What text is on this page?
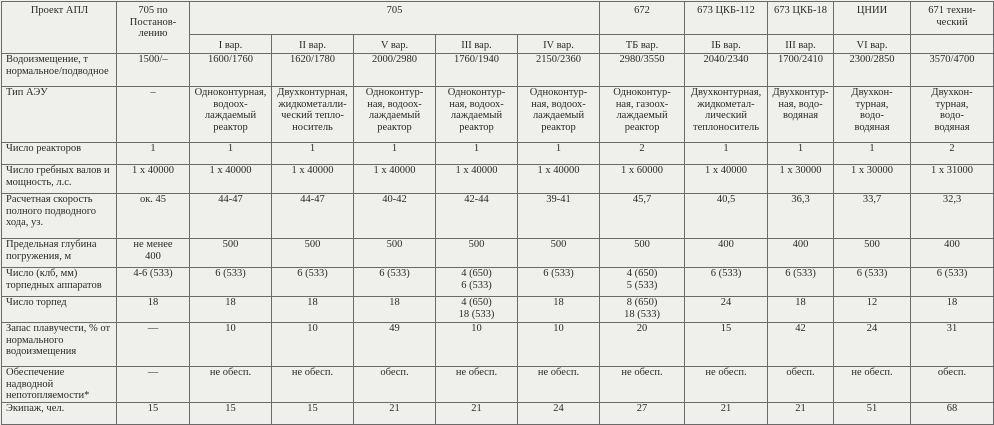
Проект АПЛ	705 по
Постанов-
лению	705					672	673 ЦКБ-112	673 ЦКБ-18	ЦНИИ	671 техни-
ческий
		I вар.	II вар.	V вар.	III вар.	IV вар.	ТБ вар.	IБ вар.	III вар.	VI вар.	
Водоизмещение, т
нормальное/подводное	1500/–	1600/1760	1620/1780	2000/2980	1760/1940	2150/2360	2980/3550	2040/2340	1700/2410	2300/2850	3570/4700
Тип АЭУ	–	Одноконтурная,
водоох-
лаждаемый
реактор	Двухконтурная,
жидкометалли-
ческий тепло-
носитель	Одноконтур-
ная, водоох-
лаждаемый
реактор	Одноконтур-
ная, водоох-
лаждаемый
реактор	Одноконтур-
ная, водоох-
лаждаемый
реактор	Одноконтур-
ная, газоох-
лаждаемый
реактор	Двухконтурная,
жидкометал-
лический
теплоноситель	Двухконтур-
ная, водо-
водяная	Двухкон-
турная,
водо-
водяная	Двухкон-
турная,
водо-
водяная
Число реакторов	1	1	1	1	1	1	2	1	1	1	2
Число гребных валов и
мощность, л.с.	1 х 40000	1 х 40000	1 х 40000	1 х 40000	1 х 40000	1 х 40000	1 х 60000	1 х 40000	1 х 30000	1 х 30000	1 х 31000
Расчетная скорость
полного подводного
хода, уз.	ок. 45	44-47	44-47	40-42	42-44	39-41	45,7	40,5	36,3	33,7	32,3
Предельная глубина
погружения, м	не менее
400	500	500	500	500	500	500	400	400	500	400
Число (клб, мм)
торпедных аппаратов	4-6 (533)	6 (533)	6 (533)	6 (533)	4 (650)
6 (533)	6 (533)	4 (650)
5 (533)	6 (533)	6 (533)	6 (533)	6 (533)
Число торпед	18	18	18	18	4 (650)
18 (533)	18	8 (650)
18 (533)	24	18	12	18
Запас плавучести, % от
нормального
водоизмещения	—	10	10	49	10	10	20	15	42	24	31
Обеспечение надводной
непотопляемости*	—	не обесп.	не обесп.	обесп.	не обесп.	не обесп.	не обесп.	не обесп.	обесп.	не обесп.	обесп.
Экипаж, чел.	15	15	15	21	21	24	27	21	21	51	68
